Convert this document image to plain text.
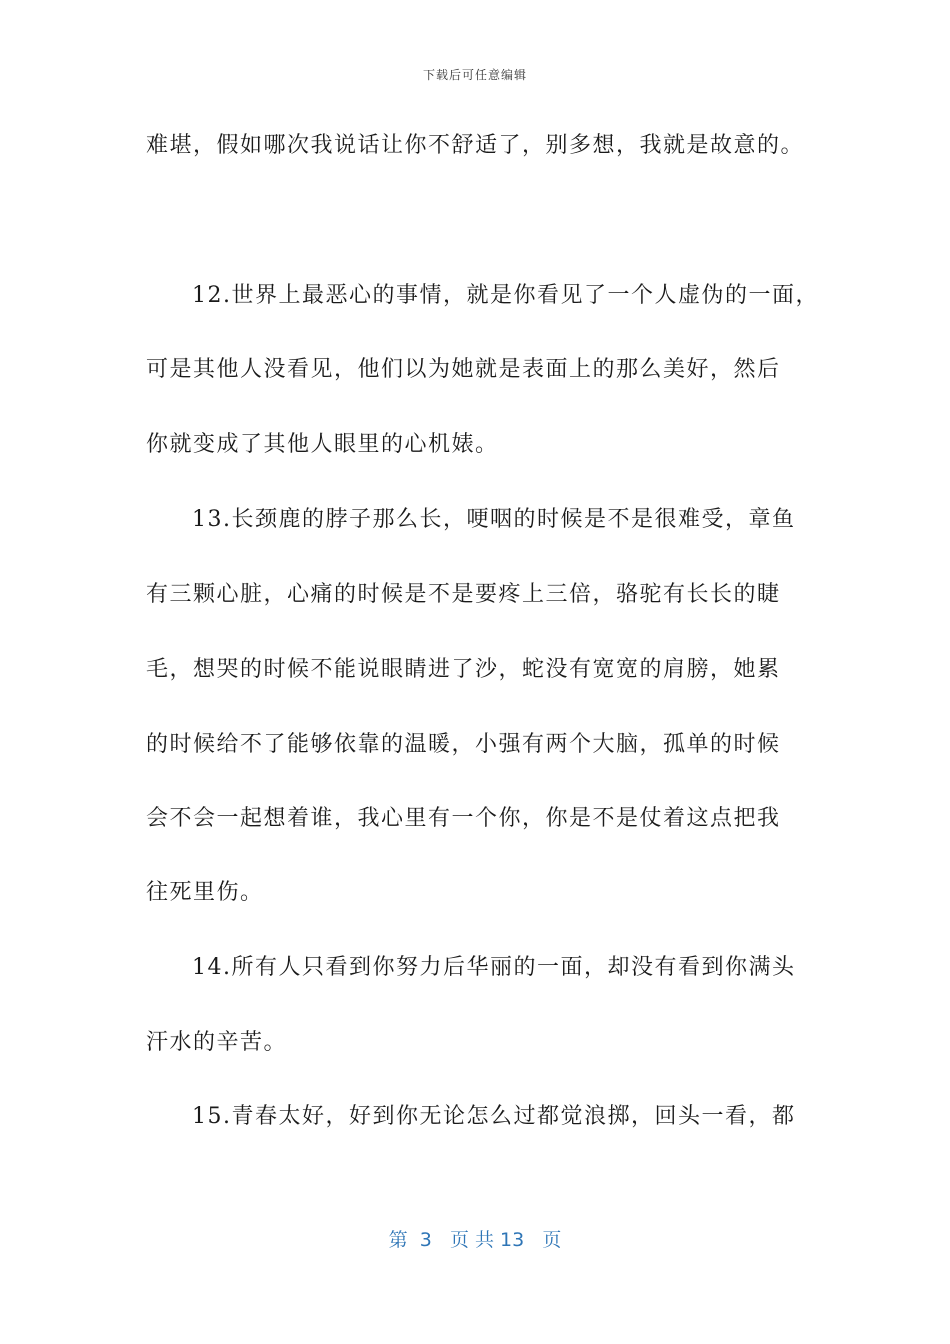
下载后可任意编辑
难堪，假如哪次我说话让你不舒适了，别多想，我就是故意的。
12.世界上最恶心的事情，就是你看见了一个人虚伪的一面，
可是其他人没看见，他们以为她就是表面上的那么美好，然后
你就变成了其他人眼里的心机婊。
13.长颈鹿的脖子那么长，哽咽的时候是不是很难受，章鱼
有三颗心脏，心痛的时候是不是要疼上三倍，骆驼有长长的睫
毛，想哭的时候不能说眼睛进了沙，蛇没有宽宽的肩膀，她累
的时候给不了能够依靠的温暖，小强有两个大脑，孤单的时候
会不会一起想着谁，我心里有一个你，你是不是仗着这点把我
往死里伤。
14.所有人只看到你努力后华丽的一面，却没有看到你满头
汗水的辛苦。
15.青春太好，好到你无论怎么过都觉浪掷，回头一看，都
第 3 页 共 13 页
